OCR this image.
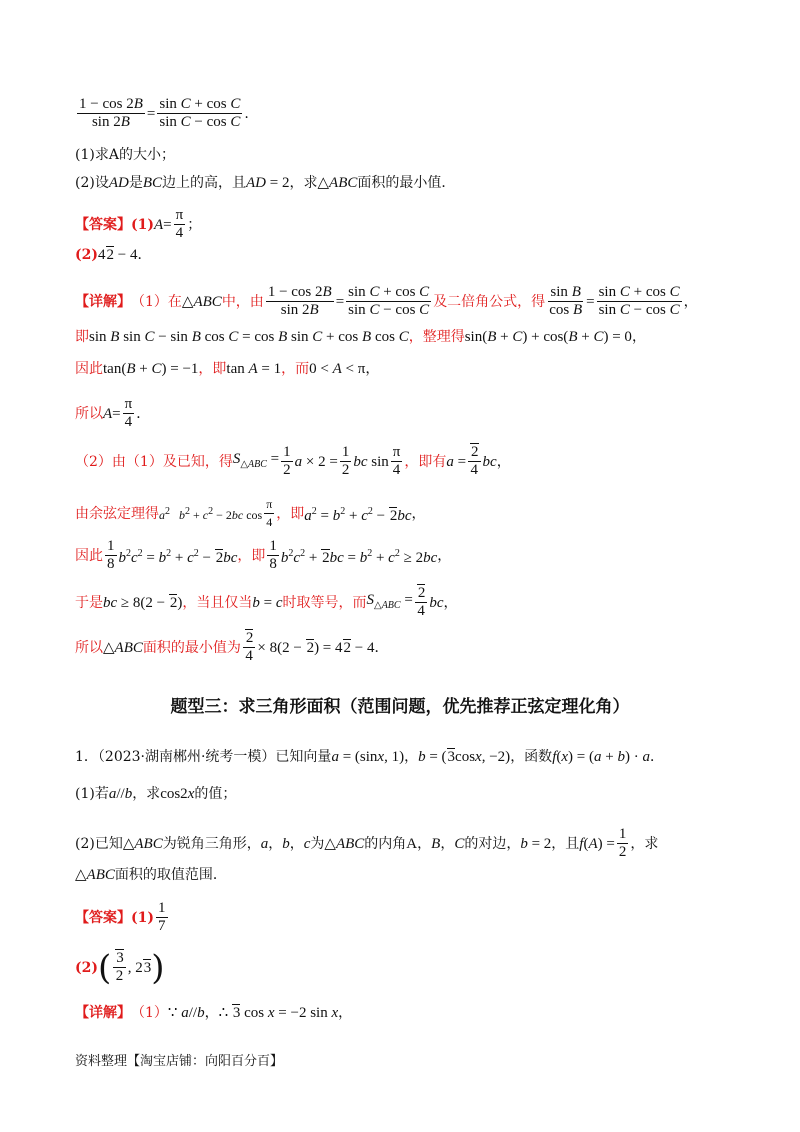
$\frac{1 - \cos 2B}{\sin 2B} = \frac{\text{sin C + cos C}}{\text{sin C − cos C}}$ .
(1)求A的大小；
(2)设 AD 是 BC 边上的高，且 AD = 2 ，求 △ABC 面积的最小值．
【答案】 (1) $A = \frac{\pi}{4}$ ；
(2) 42 − 4 ．
【详解】 （1）在 △ABC 中，由 $\frac{1 - \cos 2B}{\sin 2B} = \frac{\text{sin C + cos C}}{\text{sin C − cos C}}$ 及二倍角公式，得 $\frac{\text{sin B}}{\text{cos B}} = \frac{\text{sin C + cos C}}{\text{sin C − cos C}}$ ，
即 sin B sin C − sin B cos C = cos B sin C + cos B cos C ，整理得 sin(B + C) + cos(B + C) = 0 ，
因此 tan(B + C) = −1 ，即 tan A = 1 ，而 0 < A < π ，
所以 $A = \frac{\pi}{4}$ ．
（2）由（1）及已知，得 $S_{\triangle ABC} = \frac{1}{2}$ $a \times 2 = \frac{1}{2}$ bc $\sin \frac{\pi}{4}$ ，即有 $a = \frac{2}{4}$ bc ，
由余弦定理得 $a^2$ $b^2 + c^2 - 2bc$ $\cos \frac{\pi}{4}$ ，即 $a^2 = b^2 + c^2 - 2bc$ ，
因此 $\frac{1}{8} b^2c^2 = b^2 + c^2 - 2bc$ ，即 $\frac{1}{8} b^2c^2 + 2bc = b^2 + c^2 \ge 2bc$ ，
于是 bc ≥ 8(2 − 2) ，当且仅当 b = c 时取等号，而 $S_{\triangle ABC} = \frac{2}{4}$ bc ，
所以 △ABC 面积的最小值为 $\frac{2}{4} \times 8(2 - 2) = 42 - 4$ ．
题型三：求三角形面积（范围问题，优先推荐正弦定理化角）
1．（2023·湖南郴州·统考一模）已知向量 a = (sinx, 1) ， b = (3cosx, −2) ，函数 f(x) = (a + b) · a ．
(1)若 a//b ，求 cos2x 的值；
(2)已知 △ABC 为锐角三角形， a ， b ， c 为 △ABC 的内角 A ， B ， C 的对边， b = 2 ，且 $f(A) = \frac{1}{2}$ ，求
△ABC 面积的取值范围．
【答案】 $(1) \frac{1}{7}$
(2) ( $\frac{3}{2}$ , 23 )
【详解】 （1） ∵ a//b ， ∴ 3 cos x = −2 sin x ，
资料整理【淘宝店铺：向阳百分百】
